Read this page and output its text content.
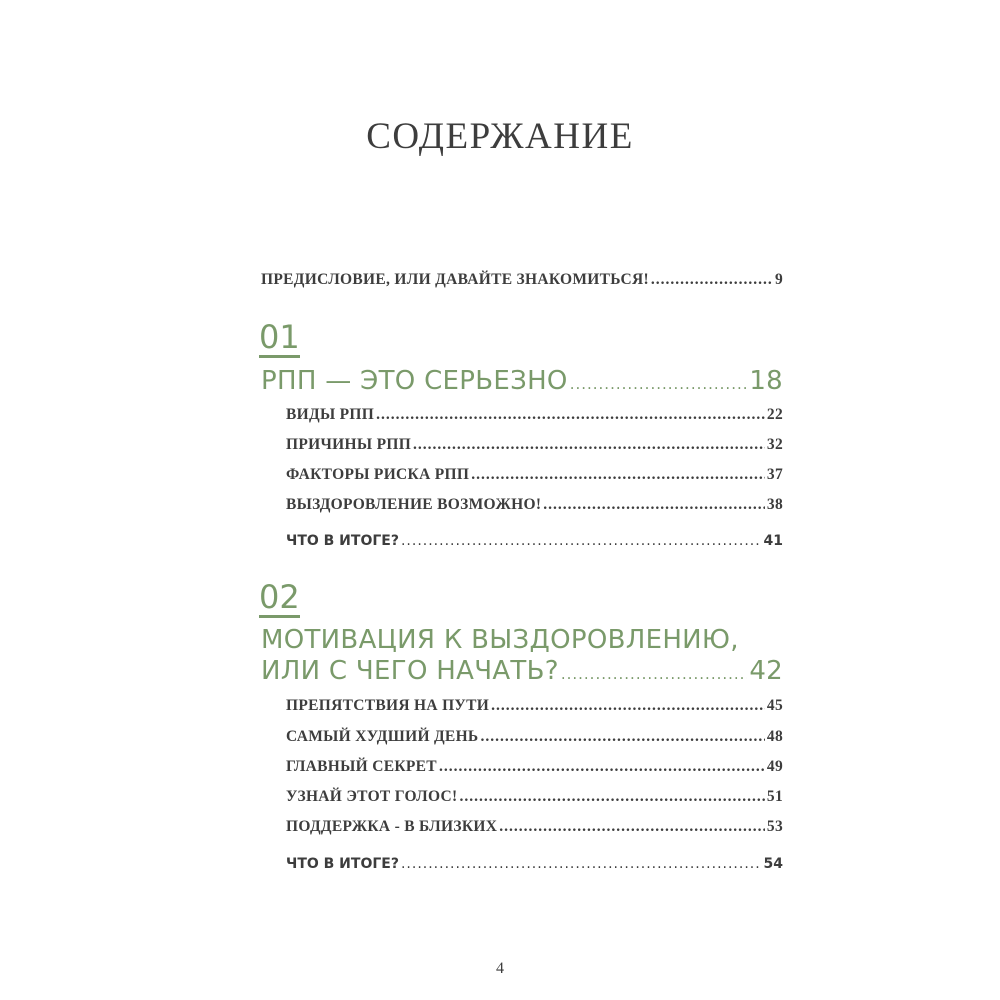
СОДЕРЖАНИЕ
ПРЕДИСЛОВИЕ, ИЛИ ДАВАЙТЕ ЗНАКОМИТЬСЯ! .....	9
01
РПП — ЭТО СЕРЬЕЗНО .....	18
ВИДЫ РПП .....	22
ПРИЧИНЫ РПП .....	32
ФАКТОРЫ РИСКА РПП .....	37
ВЫЗДОРОВЛЕНИЕ ВОЗМОЖНО! .....	38
ЧТО В ИТОГЕ? .....	41
02
МОТИВАЦИЯ К ВЫЗДОРОВЛЕНИЮ,
ИЛИ С ЧЕГО НАЧАТЬ? .....	42
ПРЕПЯТСТВИЯ НА ПУТИ .....	45
САМЫЙ ХУДШИЙ ДЕНЬ .....	48
ГЛАВНЫЙ СЕКРЕТ .....	49
УЗНАЙ ЭТОТ ГОЛОС! .....	51
ПОДДЕРЖКА - В БЛИЗКИХ .....	53
ЧТО В ИТОГЕ? .....	54
4
